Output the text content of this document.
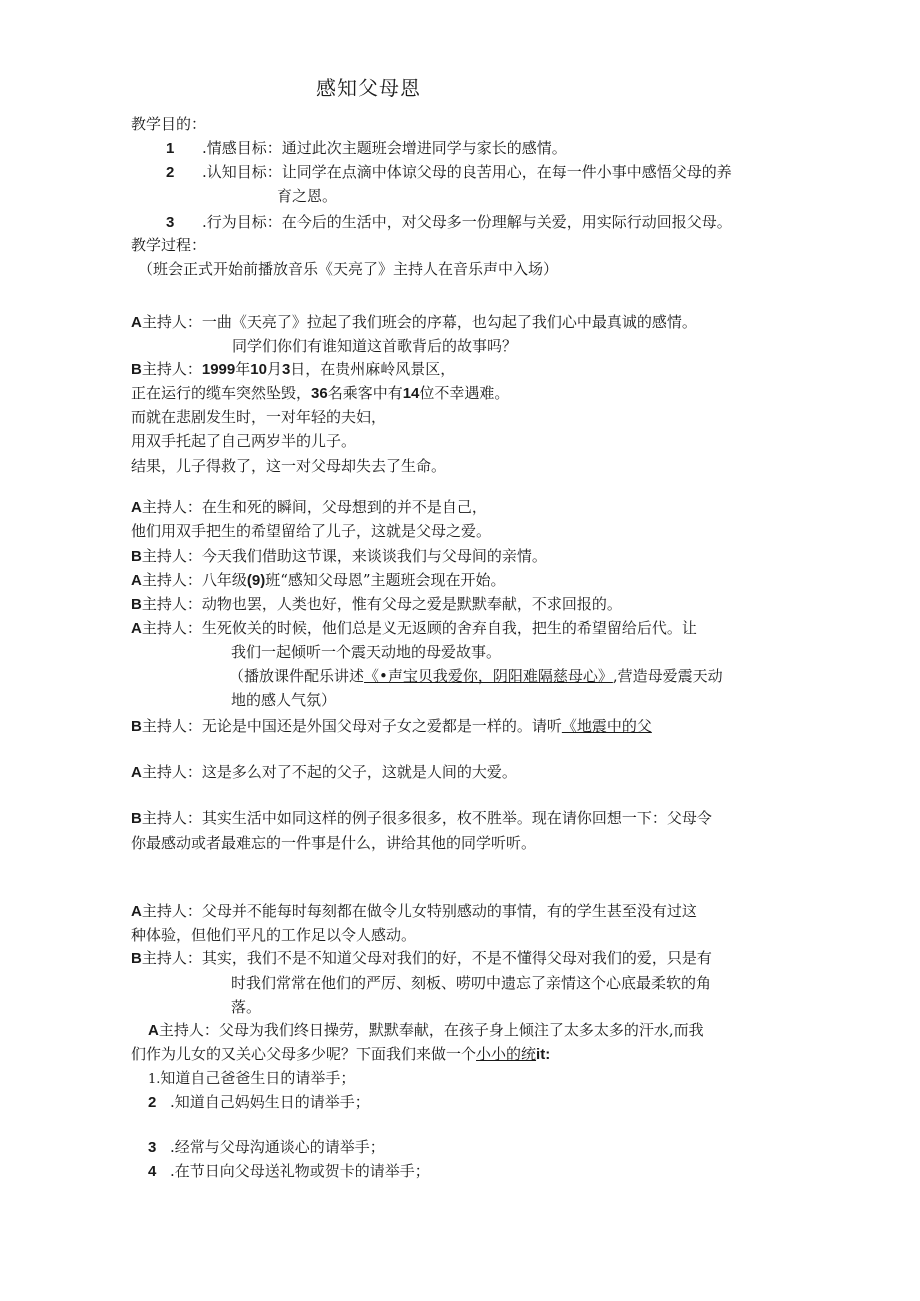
感知父母恩
教学目的：
1 .情感目标：通过此次主题班会增进同学与家长的感情。
2 .认知目标：让同学在点滴中体谅父母的良苦用心，在每一件小事中感悟父母的养
育之恩。
3 .行为目标：在今后的生活中，对父母多一份理解与关爱，用实际行动回报父母。
教学过程：
（班会正式开始前播放音乐《天亮了》主持人在音乐声中入场）
A主持人：一曲《天亮了》拉起了我们班会的序幕，也勾起了我们心中最真诚的感情。
同学们你们有谁知道这首歌背后的故事吗？
B主持人：1999年10月3日，在贵州麻岭风景区，
正在运行的缆车突然坠毁，36名乘客中有14位不幸遇难。
而就在悲剧发生时，一对年轻的夫妇，
用双手托起了自己两岁半的儿子。
结果，儿子得救了，这一对父母却失去了生命。
A主持人：在生和死的瞬间，父母想到的并不是自己，
他们用双手把生的希望留给了儿子，这就是父母之爱。
B主持人：今天我们借助这节课，来谈谈我们与父母间的亲情。
A主持人：八年级(9)班“感知父母恩”主题班会现在开始。
B主持人：动物也罢，人类也好，惟有父母之爱是默默奉献，不求回报的。
A主持人：生死攸关的时候，他们总是义无返顾的舍弃自我，把生的希望留给后代。让
我们一起倾听一个震天动地的母爱故事。
（播放课件配乐讲述《•声宝贝我爱你，阴阳难隔慈母心》,营造母爱震天动
地的感人气氛）
B主持人：无论是中国还是外国父母对子女之爱都是一样的。请听《地震中的父
A主持人：这是多么对了不起的父子，这就是人间的大爱。
B主持人：其实生活中如同这样的例子很多很多，枚不胜举。现在请你回想一下：父母令
你最感动或者最难忘的一件事是什么，讲给其他的同学听听。
A主持人：父母并不能每时每刻都在做令儿女特别感动的事情，有的学生甚至没有过这
种体验，但他们平凡的工作足以令人感动。
B主持人：其实，我们不是不知道父母对我们的好，不是不懂得父母对我们的爱，只是有
时我们常常在他们的严厉、刻板、唠叨中遗忘了亲情这个心底最柔软的角
落。
A主持人：父母为我们终日操劳，默默奉献，在孩子身上倾注了太多太多的汗水,而我
们作为儿女的又关心父母多少呢？下面我们来做一个小小的统it:
1.知道自己爸爸生日的请举手；
2 .知道自己妈妈生日的请举手；
3 .经常与父母沟通谈心的请举手；
4 .在节日向父母送礼物或贺卡的请举手；
